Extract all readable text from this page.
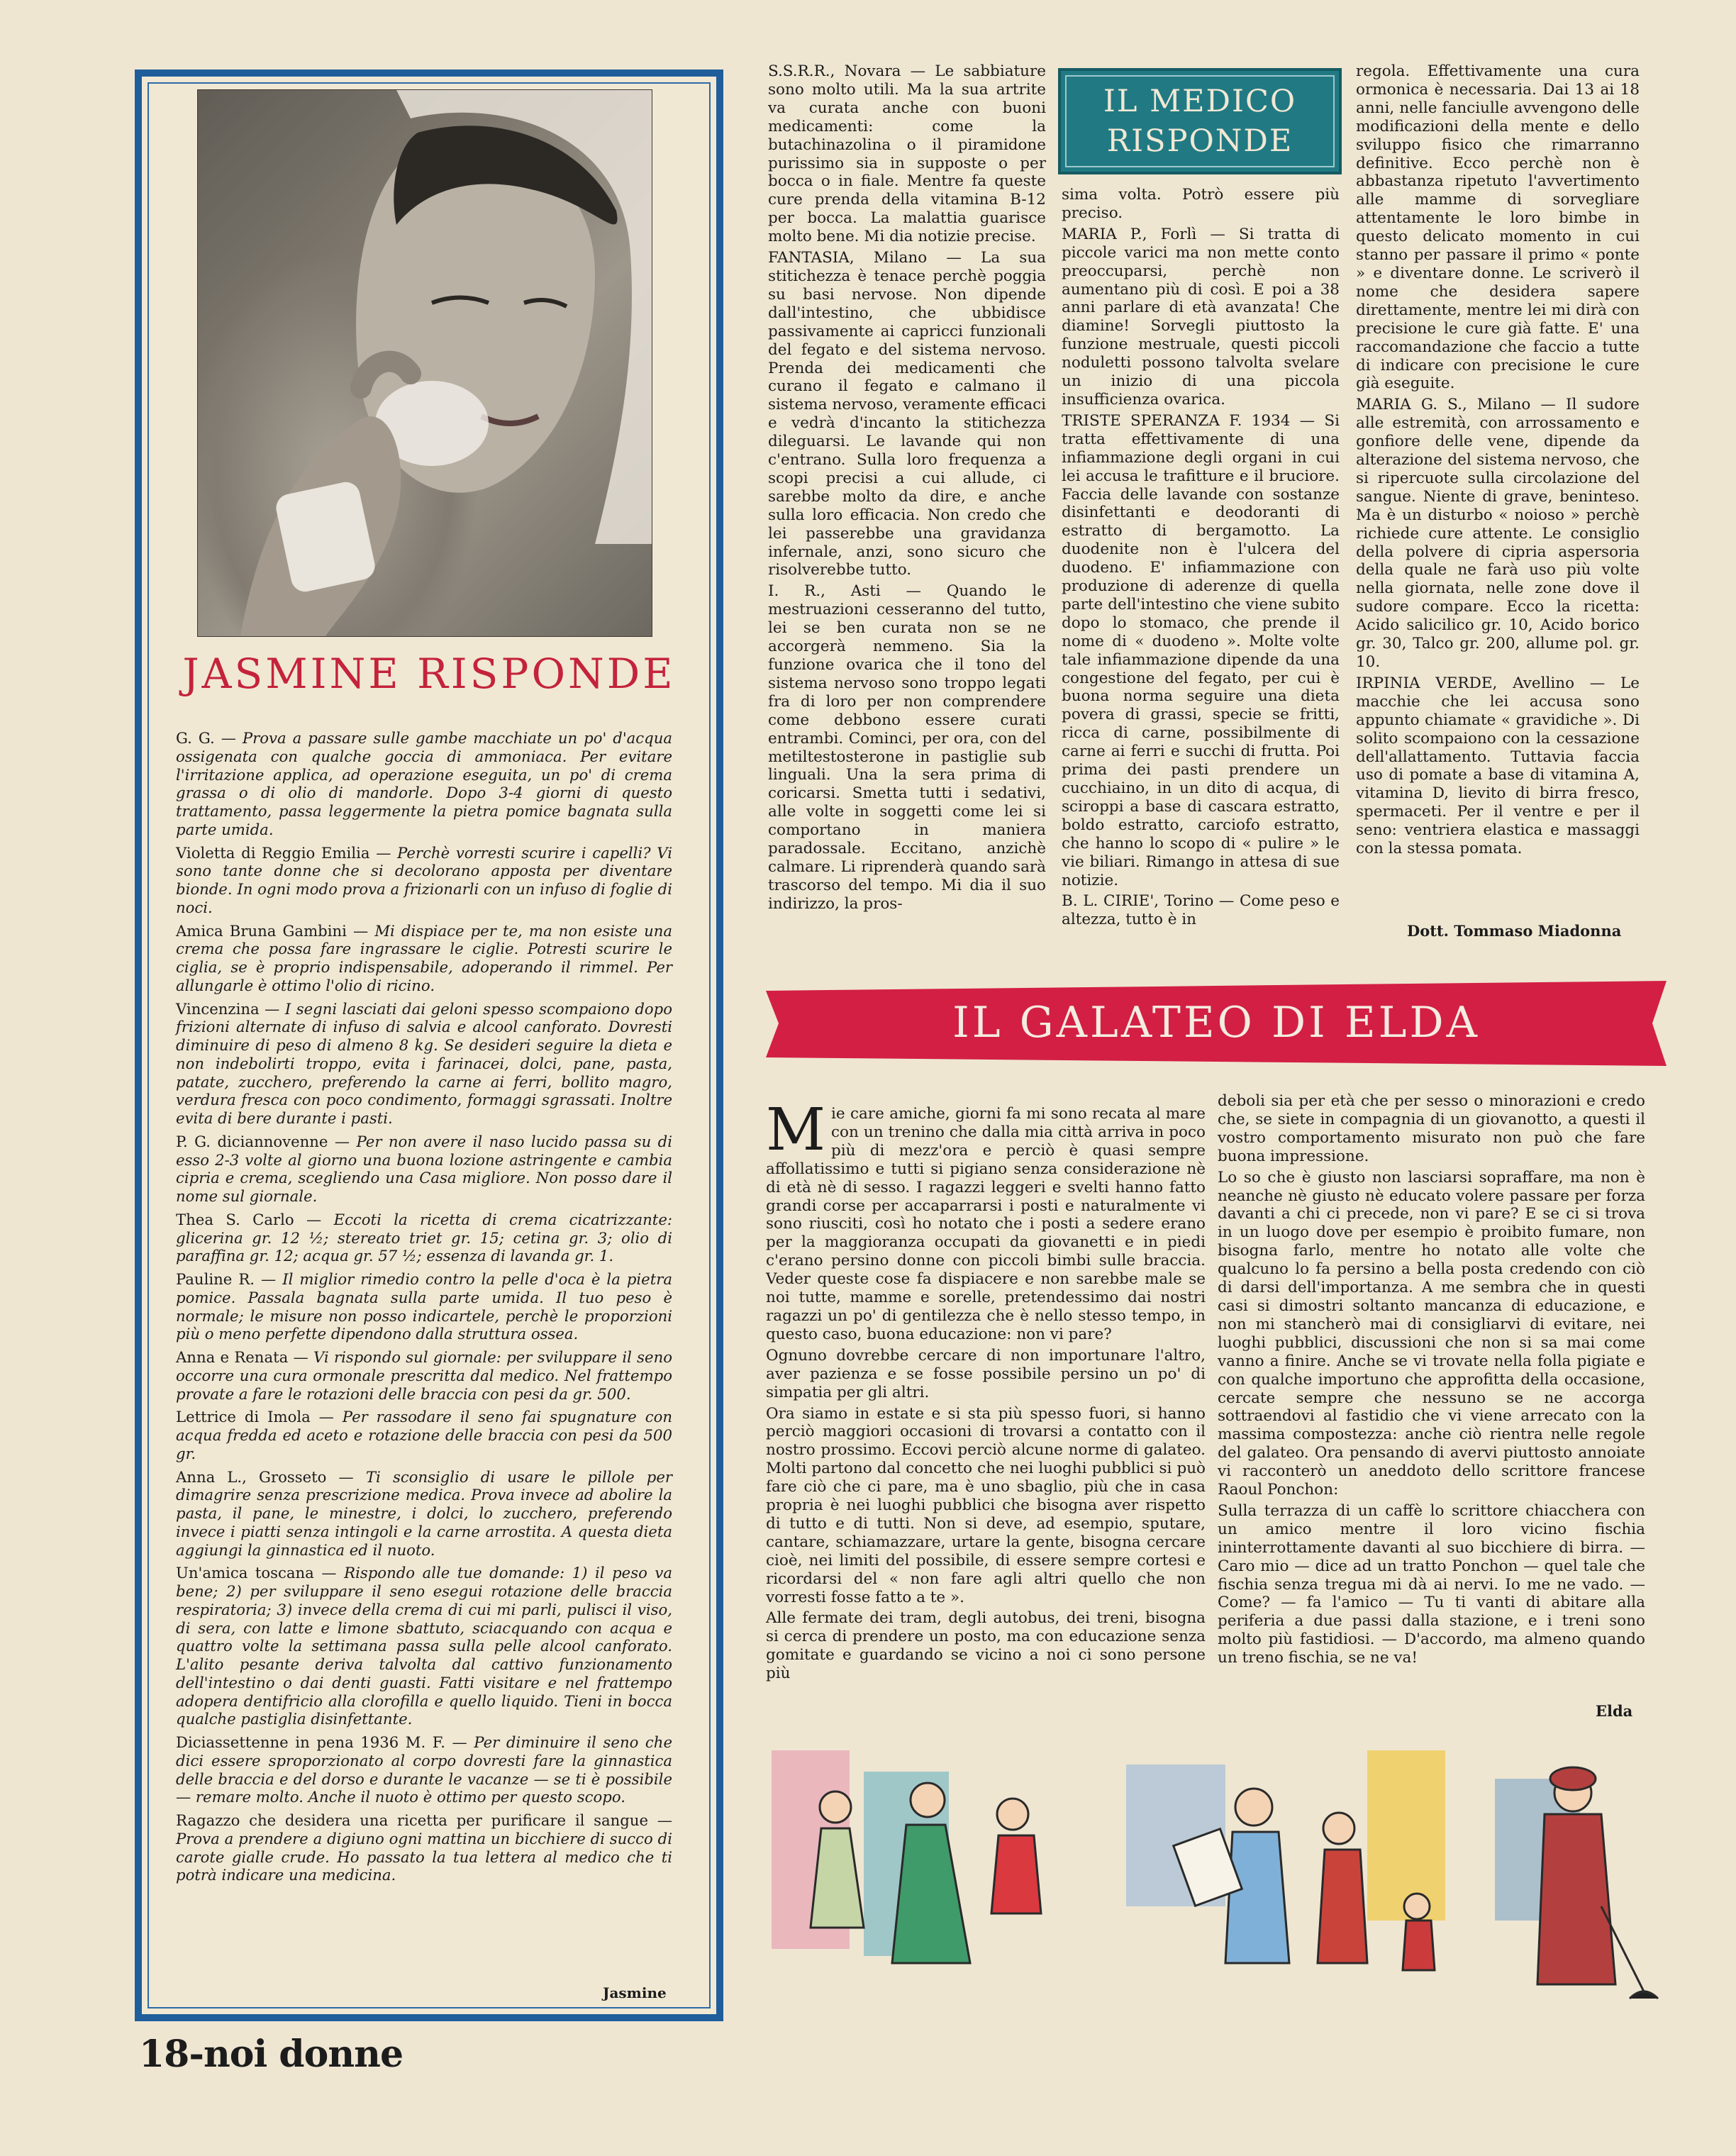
JASMINE RISPONDE

G. G. — Prova a passare sulle gambe macchiate un po' d'acqua ossigenata con qualche goccia di ammoniaca. Per evitare l'irritazione applica, ad operazione eseguita, un po' di crema grassa o di olio di mandorle. Dopo 3-4 giorni di questo trattamento, passa leggermente la pietra pomice bagnata sulla parte umida.

Violetta di Reggio Emilia — Perchè vorresti scurire i capelli? Vi sono tante donne che si decolorano apposta per diventare bionde. In ogni modo prova a frizionarli con un infuso di foglie di noci.

Amica Bruna Gambini — Mi dispiace per te, ma non esiste una crema che possa fare ingrassare le ciglie. Potresti scurire le ciglia, se è proprio indispensabile, adoperando il rimmel. Per allungarle è ottimo l'olio di ricino.

Vincenzina — I segni lasciati dai geloni spesso scompaiono dopo frizioni alternate di infuso di salvia e alcool canforato. Dovresti diminuire di peso di almeno 8 kg. Se desideri seguire la dieta e non indebolirti troppo, evita i farinacei, dolci, pane, pasta, patate, zucchero, preferendo la carne ai ferri, bollito magro, verdura fresca con poco condimento, formaggi sgrassati. Inoltre evita di bere durante i pasti.

P. G. diciannovenne — Per non avere il naso lucido passa su di esso 2-3 volte al giorno una buona lozione astringente e cambia cipria e crema, scegliendo una Casa migliore. Non posso dare il nome sul giornale.

Thea S. Carlo — Eccoti la ricetta di crema cicatrizzante: glicerina gr. 12 ½; stereato triet gr. 15; cetina gr. 3; olio di paraffina gr. 12; acqua gr. 57 ½; essenza di lavanda gr. 1.

Pauline R. — Il miglior rimedio contro la pelle d'oca è la pietra pomice. Passala bagnata sulla parte umida. Il tuo peso è normale; le misure non posso indicartele, perchè le proporzioni più o meno perfette dipendono dalla struttura ossea.

Anna e Renata — Vi rispondo sul giornale: per sviluppare il seno occorre una cura ormonale prescritta dal medico. Nel frattempo provate a fare le rotazioni delle braccia con pesi da gr. 500.

Lettrice di Imola — Per rassodare il seno fai spugnature con acqua fredda ed aceto e rotazione delle braccia con pesi da 500 gr.

Anna L., Grosseto — Ti sconsiglio di usare le pillole per dimagrire senza prescrizione medica. Prova invece ad abolire la pasta, il pane, le minestre, i dolci, lo zucchero, preferendo invece i piatti senza intingoli e la carne arrostita. A questa dieta aggiungi la ginnastica ed il nuoto.

Un'amica toscana — Rispondo alle tue domande: 1) il peso va bene; 2) per sviluppare il seno esegui rotazione delle braccia respiratoria; 3) invece della crema di cui mi parli, pulisci il viso, di sera, con latte e limone sbattuto, sciacquando con acqua e quattro volte la settimana passa sulla pelle alcool canforato. L'alito pesante deriva talvolta dal cattivo funzionamento dell'intestino o dai denti guasti. Fatti visitare e nel frattempo adopera dentifricio alla clorofilla e quello liquido. Tieni in bocca qualche pastiglia disinfettante.

Diciassettenne in pena 1936 M. F. — Per diminuire il seno che dici essere sproporzionato al corpo dovresti fare la ginnastica delle braccia e del dorso e durante le vacanze — se ti è possibile — remare molto. Anche il nuoto è ottimo per questo scopo.

Ragazzo che desidera una ricetta per purificare il sangue — Prova a prendere a digiuno ogni mattina un bicchiere di succo di carote gialle crude. Ho passato la tua lettera al medico che ti potrà indicare una medicina.

Jasmine

S.S.R.R., Novara — Le sabbiature sono molto utili. Ma la sua artrite va curata anche con buoni medicamenti: come la butachinazolina o il piramidone purissimo sia in supposte o per bocca o in fiale. Mentre fa queste cure prenda della vitamina B-12 per bocca. La malattia guarisce molto bene. Mi dia notizie precise.

FANTASIA, Milano — La sua stitichezza è tenace perchè poggia su basi nervose. Non dipende dall'intestino, che ubbidisce passivamente ai capricci funzionali del fegato e del sistema nervoso. Prenda dei medicamenti che curano il fegato e calmano il sistema nervoso, veramente efficaci e vedrà d'incanto la stitichezza dileguarsi. Le lavande qui non c'entrano. Sulla loro frequenza a scopi precisi a cui allude, ci sarebbe molto da dire, e anche sulla loro efficacia. Non credo che lei passerebbe una gravidanza infernale, anzi, sono sicuro che risolverebbe tutto.

I. R., Asti — Quando le mestruazioni cesseranno del tutto, lei se ben curata non se ne accorgerà nemmeno. Sia la funzione ovarica che il tono del sistema nervoso sono troppo legati fra di loro per non comprendere come debbono essere curati entrambi. Cominci, per ora, con del metiltestosterone in pastiglie sub linguali. Una la sera prima di coricarsi. Smetta tutti i sedativi, alle volte in soggetti come lei si comportano in maniera paradossale. Eccitano, anzichè calmare. Li riprenderà quando sarà trascorso del tempo. Mi dia il suo indirizzo, la pros-

IL MEDICO
RISPONDE

sima volta. Potrò essere più preciso.

MARIA P., Forlì — Si tratta di piccole varici ma non mette conto preoccuparsi, perchè non aumentano più di così. E poi a 38 anni parlare di età avanzata! Che diamine! Sorvegli piuttosto la funzione mestruale, questi piccoli noduletti possono talvolta svelare un inizio di una piccola insufficienza ovarica.

TRISTE SPERANZA F. 1934 — Si tratta effettivamente di una infiammazione degli organi in cui lei accusa le trafitture e il bruciore. Faccia delle lavande con sostanze disinfettanti e deodoranti di estratto di bergamotto. La duodenite non è l'ulcera del duodeno. E' infiammazione con produzione di aderenze di quella parte dell'intestino che viene subito dopo lo stomaco, che prende il nome di « duodeno ». Molte volte tale infiammazione dipende da una congestione del fegato, per cui è buona norma seguire una dieta povera di grassi, specie se fritti, ricca di carne, possibilmente di carne ai ferri e succhi di frutta. Poi prima dei pasti prendere un cucchiaino, in un dito di acqua, di sciroppi a base di cascara estratto, boldo estratto, carciofo estratto, che hanno lo scopo di « pulire » le vie biliari. Rimango in attesa di sue notizie.

B. L. CIRIE', Torino — Come peso e altezza, tutto è in

regola. Effettivamente una cura ormonica è necessaria. Dai 13 ai 18 anni, nelle fanciulle avvengono delle modificazioni della mente e dello sviluppo fisico che rimarranno definitive. Ecco perchè non è abbastanza ripetuto l'avvertimento alle mamme di sorvegliare attentamente le loro bimbe in questo delicato momento in cui stanno per passare il primo « ponte » e diventare donne. Le scriverò il nome che desidera sapere direttamente, mentre lei mi dirà con precisione le cure già fatte. E' una raccomandazione che faccio a tutte di indicare con precisione le cure già eseguite.

MARIA G. S., Milano — Il sudore alle estremità, con arrossamento e gonfiore delle vene, dipende da alterazione del sistema nervoso, che si ripercuote sulla circolazione del sangue. Niente di grave, beninteso. Ma è un disturbo « noioso » perchè richiede cure attente. Le consiglio della polvere di cipria aspersoria della quale ne farà uso più volte nella giornata, nelle zone dove il sudore compare. Ecco la ricetta: Acido salicilico gr. 10, Acido borico gr. 30, Talco gr. 200, allume pol. gr. 10.

IRPINIA VERDE, Avellino — Le macchie che lei accusa sono appunto chiamate « gravidiche ». Di solito scompaiono con la cessazione dell'allattamento. Tuttavia faccia uso di pomate a base di vitamina A, vitamina D, lievito di birra fresco, spermaceti. Per il ventre e per il seno: ventriera elastica e massaggi con la stessa pomata.

Dott. Tommaso Miadonna
IL GALATEO DI ELDA

Mie care amiche, giorni fa mi sono recata al mare con un trenino che dalla mia città arriva in poco più di mezz'ora e perciò è quasi sempre affollatissimo e tutti si pigiano senza considerazione nè di età nè di sesso. I ragazzi leggeri e svelti hanno fatto grandi corse per accaparrarsi i posti e naturalmente vi sono riusciti, così ho notato che i posti a sedere erano per la maggioranza occupati da giovanetti e in piedi c'erano persino donne con piccoli bimbi sulle braccia. Veder queste cose fa dispiacere e non sarebbe male se noi tutte, mamme e sorelle, pretendessimo dai nostri ragazzi un po' di gentilezza che è nello stesso tempo, in questo caso, buona educazione: non vi pare?

Ognuno dovrebbe cercare di non importunare l'altro, aver pazienza e se fosse possibile persino un po' di simpatia per gli altri.

Ora siamo in estate e si sta più spesso fuori, si hanno perciò maggiori occasioni di trovarsi a contatto con il nostro prossimo. Eccovi perciò alcune norme di galateo. Molti partono dal concetto che nei luoghi pubblici si può fare ciò che ci pare, ma è uno sbaglio, più che in casa propria è nei luoghi pubblici che bisogna aver rispetto di tutto e di tutti. Non si deve, ad esempio, sputare, cantare, schiamazzare, urtare la gente, bisogna cercare cioè, nei limiti del possibile, di essere sempre cortesi e ricordarsi del « non fare agli altri quello che non vorresti fosse fatto a te ».

Alle fermate dei tram, degli autobus, dei treni, bisogna si cerca di prendere un posto, ma con educazione senza gomitate e guardando se vicino a noi ci sono persone più

deboli sia per età che per sesso o minorazioni e credo che, se siete in compagnia di un giovanotto, a questi il vostro comportamento misurato non può che fare buona impressione.

Lo so che è giusto non lasciarsi sopraffare, ma non è neanche nè giusto nè educato volere passare per forza davanti a chi ci precede, non vi pare? E se ci si trova in un luogo dove per esempio è proibito fumare, non bisogna farlo, mentre ho notato alle volte che qualcuno lo fa persino a bella posta credendo con ciò di darsi dell'importanza. A me sembra che in questi casi si dimostri soltanto mancanza di educazione, e non mi stancherò mai di consigliarvi di evitare, nei luoghi pubblici, discussioni che non si sa mai come vanno a finire. Anche se vi trovate nella folla pigiate e con qualche importuno che approfitta della occasione, cercate sempre che nessuno se ne accorga sottraendovi al fastidio che vi viene arrecato con la massima compostezza: anche ciò rientra nelle regole del galateo. Ora pensando di avervi piuttosto annoiate vi racconterò un aneddoto dello scrittore francese Raoul Ponchon:

Sulla terrazza di un caffè lo scrittore chiacchera con un amico mentre il loro vicino fischia ininterrottamente davanti al suo bicchiere di birra. — Caro mio — dice ad un tratto Ponchon — quel tale che fischia senza tregua mi dà ai nervi. Io me ne vado. — Come? — fa l'amico — Tu ti vanti di abitare alla periferia a due passi dalla stazione, e i treni sono molto più fastidiosi. — D'accordo, ma almeno quando un treno fischia, se ne va!

Elda
18-noi donne
